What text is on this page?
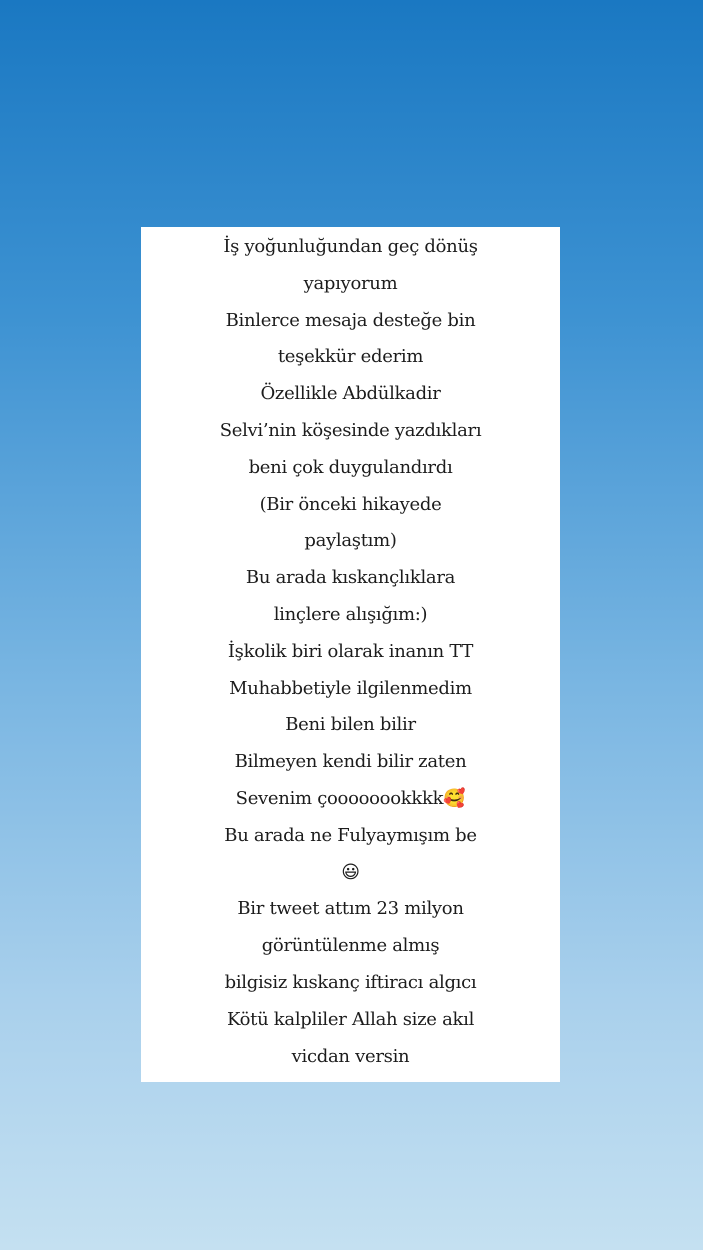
İş yoğunluğundan geç dönüş
yapıyorum
Binlerce mesaja desteğe bin
teşekkür ederim
Özellikle Abdülkadir
Selvi’nin köşesinde yazdıkları
beni çok duygulandırdı
(Bir önceki hikayede
paylaştım)
Bu arada kıskançlıklara
linçlere alışığım:)
İşkolik biri olarak inanın TT
Muhabbetiyle ilgilenmedim
Beni bilen bilir
Bilmeyen kendi bilir zaten
Sevenim çoooooookkkk🥰
Bu arada ne Fulyaymışım be
😃
Bir tweet attım 23 milyon
görüntülenme almış
bilgisiz kıskanç iftiracı algıcı
Kötü kalpliler Allah size akıl
vicdan versin
